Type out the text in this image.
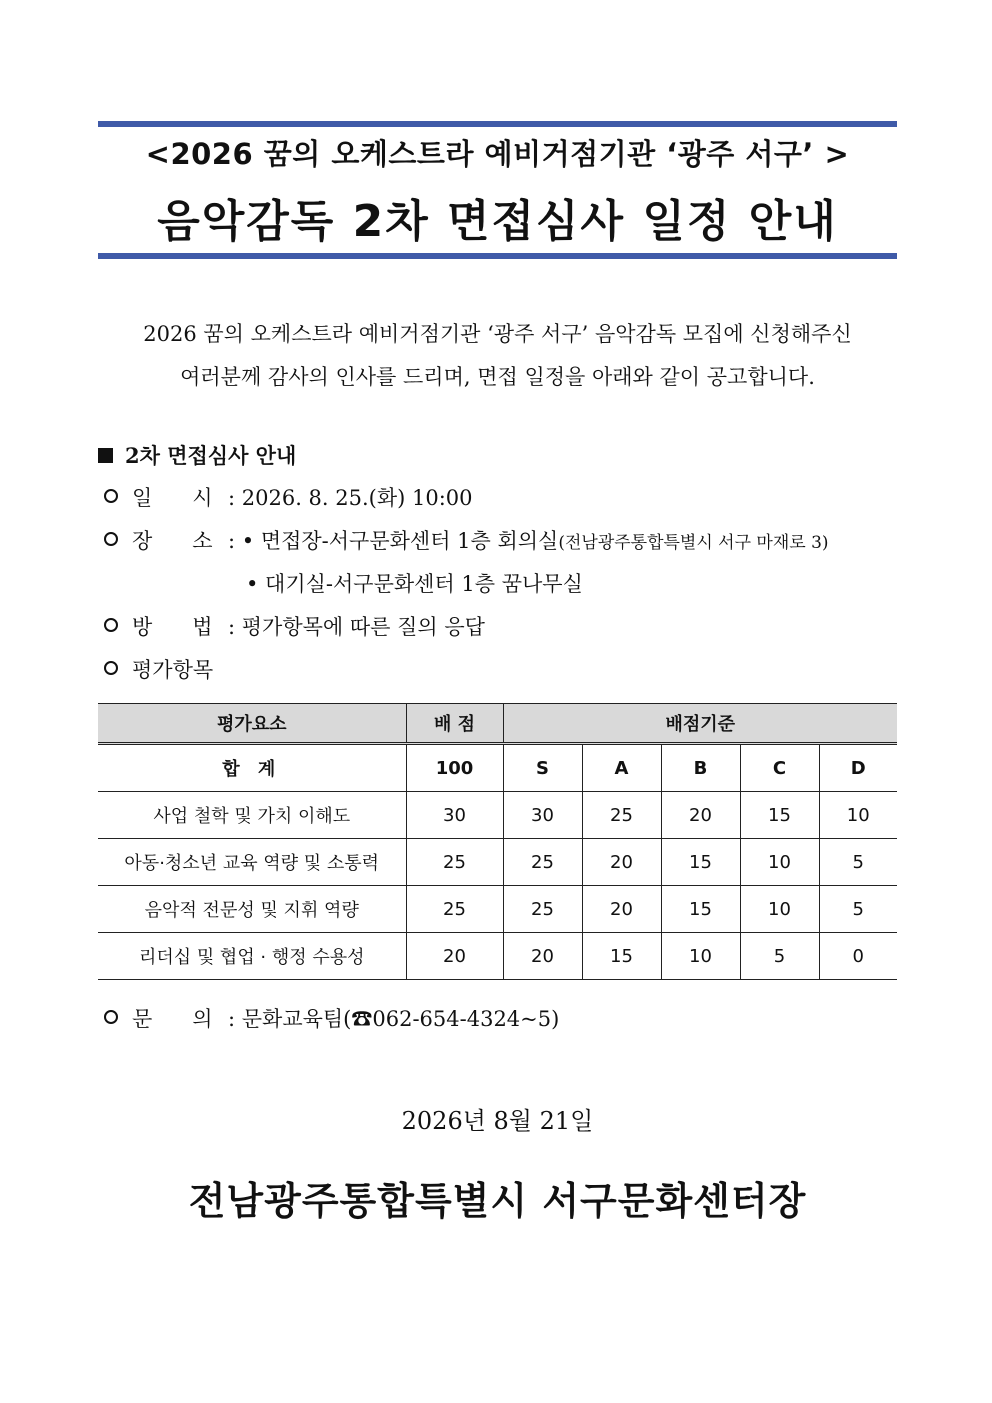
<2026 꿈의 오케스트라 예비거점기관 ‘광주 서구’ >
음악감독 2차 면접심사 일정 안내
2026 꿈의 오케스트라 예비거점기관 ‘광주 서구’ 음악감독 모집에 신청해주신
여러분께 감사의 인사를 드리며, 면접 일정을 아래와 같이 공고합니다.
2차 면접심사 안내
일 시 : 2026. 8. 25.(화) 10:00
장 소 : • 면접장-서구문화센터 1층 회의실(전남광주통합특별시 서구 마재로 3)
• 대기실-서구문화센터 1층 꿈나무실
방 법 : 평가항목에 따른 질의 응답
평가항목
평가요소	배 점	배점기준				
합 계	100	S	A	B	C	D
사업 철학 및 가치 이해도	30	30	25	20	15	10
아동·청소년 교육 역량 및 소통력	25	25	20	15	10	5
음악적 전문성 및 지휘 역량	25	25	20	15	10	5
리더십 및 협업 · 행정 수용성	20	20	15	10	5	0
문 의 : 문화교육팀(☎062-654-4324~5)
2026년 8월 21일
전남광주통합특별시 서구문화센터장
